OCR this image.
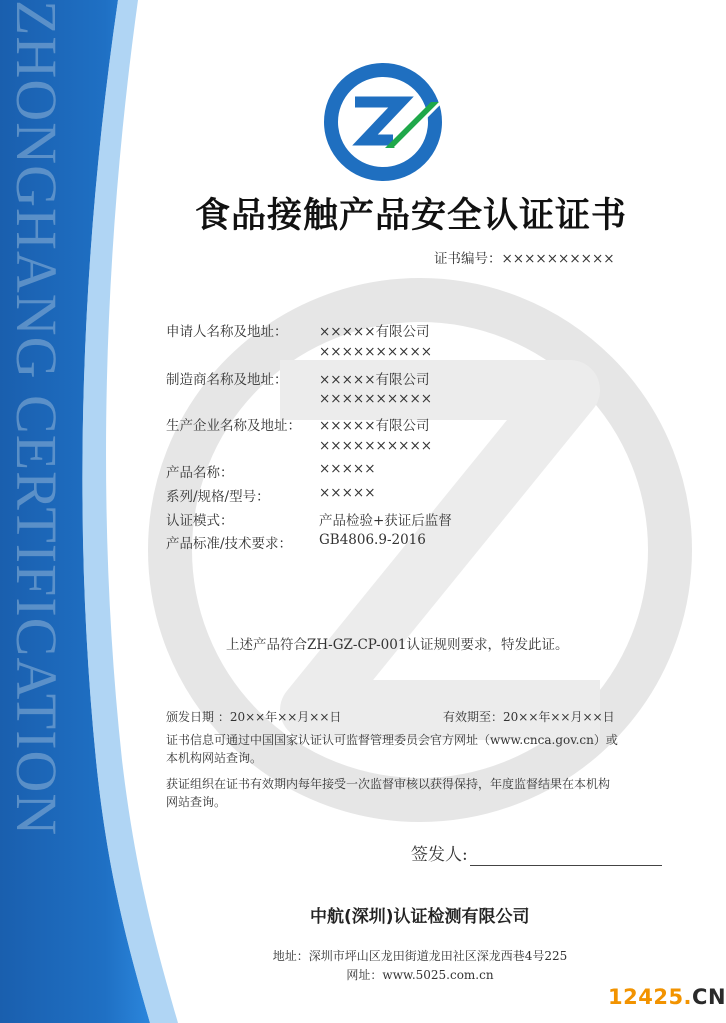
ZHONGHANG CERTIFICATION	食品接触产品安全认证证书
证书编号：××××××××××
申请人名称及地址： ×××××有限公司
××××××××××
制造商名称及地址： ×××××有限公司
××××××××××
生产企业名称及地址： ×××××有限公司
××××××××××
产品名称：	×××××
系列/规格/型号：	×××××
认证模式：	产品检验+获证后监督
产品标准/技术要求： GB4806.9-2016
上述产品符合ZH-GZ-CP-001认证规则要求，特发此证。
颁发日期 ：20××年××月××日	有效期至：20××年××月××日
证书信息可通过中国国家认证认可监督管理委员会官方网址（www.cnca.gov.cn）或
本机构网站查询。
获证组织在证书有效期内每年接受一次监督审核以获得保持，年度监督结果在本机构
网站查询。
签发人:
中航(深圳)认证检测有限公司
地址：深圳市坪山区龙田街道龙田社区深龙西巷4号225
网址：www.5025.com.cn
12425.CN
